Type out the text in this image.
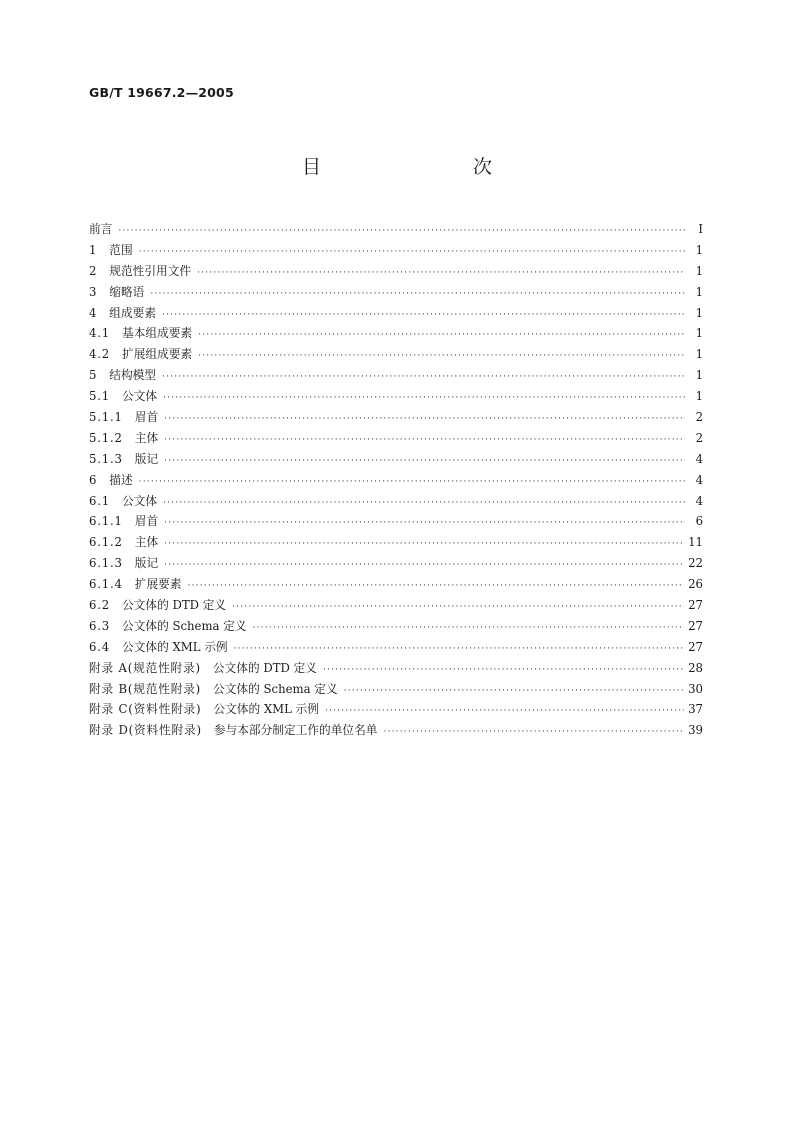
GB/T 19667.2—2005
目　　次
前言 ·····	I
1 范围 ·····	1
2 规范性引用文件 ·····	1
3 缩略语 ·····	1
4 组成要素 ·····	1
4.1 基本组成要素 ·····	1
4.2 扩展组成要素 ·····	1
5 结构模型 ·····	1
5.1 公文体 ·····	1
5.1.1 眉首 ·····	2
5.1.2 主体 ·····	2
5.1.3 版记 ·····	4
6 描述 ·····	4
6.1 公文体 ·····	4
6.1.1 眉首 ·····	6
6.1.2 主体 ·····	11
6.1.3 版记 ·····	22
6.1.4 扩展要素 ·····	26
6.2 公文体的 DTD 定义 ·····	27
6.3 公文体的 Schema 定义 ·····	27
6.4 公文体的 XML 示例 ·····	27
附录 A(规范性附录) 公文体的 DTD 定义 ·····	28
附录 B(规范性附录) 公文体的 Schema 定义 ·····	30
附录 C(资料性附录) 公文体的 XML 示例 ·····	37
附录 D(资料性附录) 参与本部分制定工作的单位名单 ·····	39
